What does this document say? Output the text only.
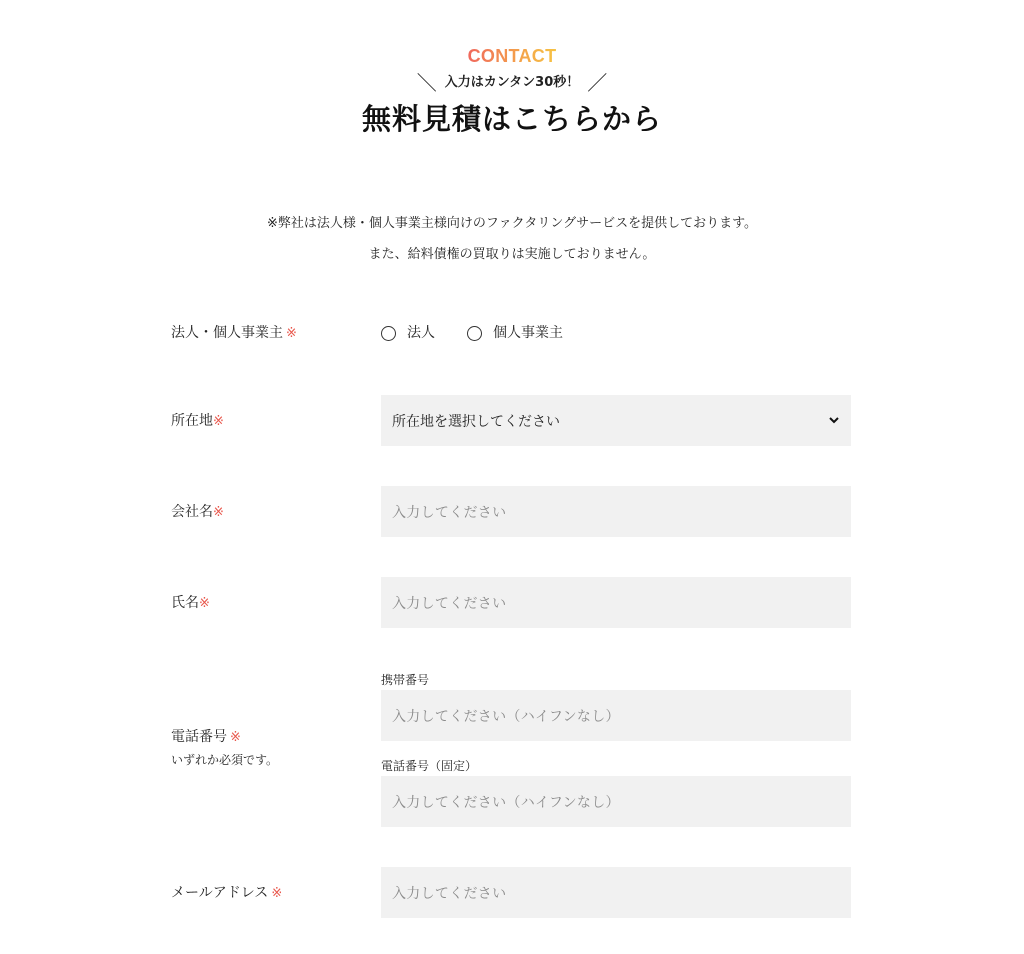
CONTACT
＼ 入力はカンタン30秒！ ／
無料見積はこちらから
※弊社は法人様・個人事業主様向けのファクタリングサービスを提供しております。
また、給料債権の買取りは実施しておりません。
法人・個人事業主 ※	法人	個人事業主
所在地※	所在地を選択してください
会社名※	入力してください
氏名※	入力してください
電話番号 ※
いずれか必須です。
携帯番号
入力してください（ハイフンなし）
電話番号（固定）
入力してください（ハイフンなし）
メールアドレス ※	入力してください
